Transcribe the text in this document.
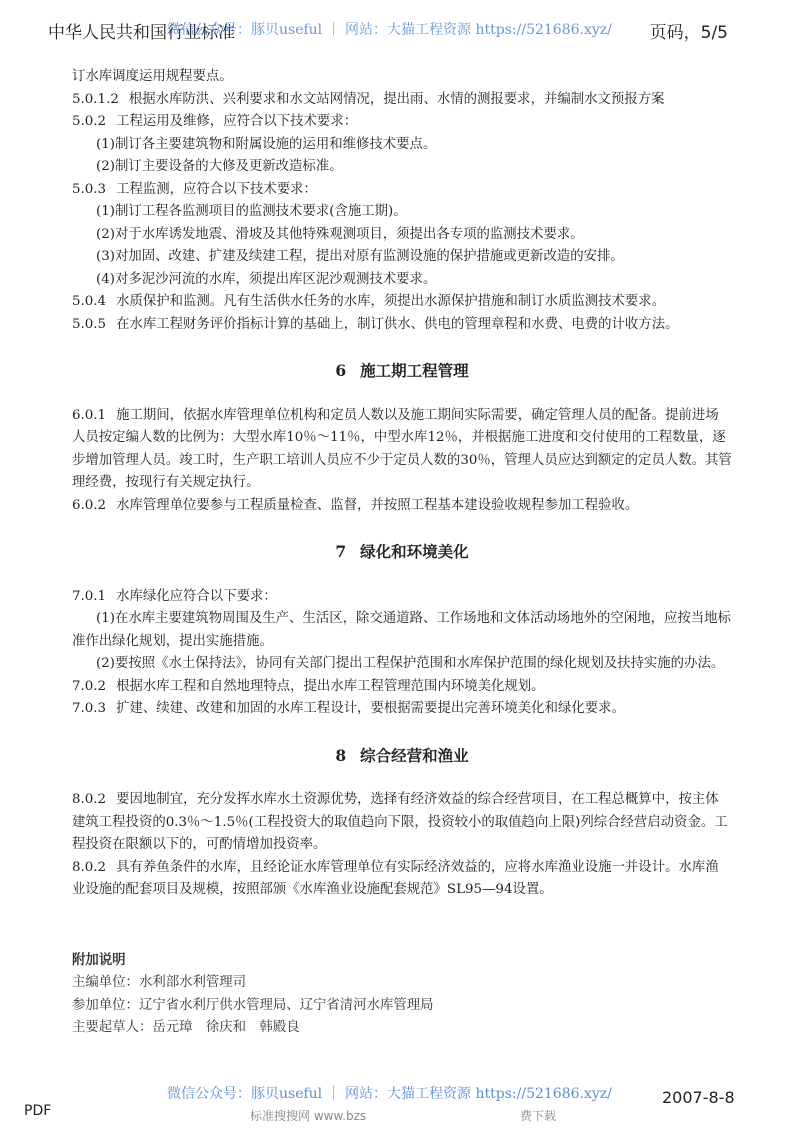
中华人民共和国行业标准
微信公众号：豚贝useful ｜ 网站：大猫工程资源 https://521686.xyz/ 页码，5/5

订水库调度运用规程要点。

5.0.1.2 根据水库防洪、兴利要求和水文站网情况，提出雨、水情的测报要求，并编制水文预报方案

5.0.2 工程运用及维修，应符合以下技术要求：

(1)制订各主要建筑物和附属设施的运用和维修技术要点。

(2)制订主要设备的大修及更新改造标准。

5.0.3 工程监测，应符合以下技术要求：

(1)制订工程各监测项目的监测技术要求(含施工期)。

(2)对于水库诱发地震、滑坡及其他特殊观测项目，须提出各专项的监测技术要求。

(3)对加固、改建、扩建及续建工程，提出对原有监测设施的保护措施或更新改造的安排。

(4)对多泥沙河流的水库，须提出库区泥沙观测技术要求。

5.0.4 水质保护和监测。凡有生活供水任务的水库，须提出水源保护措施和制订水质监测技术要求。

5.0.5 在水库工程财务评价指标计算的基础上，制订供水、供电的管理章程和水费、电费的计收方法。

6 施工期工程管理

6.0.1 施工期间，依据水库管理单位机构和定员人数以及施工期间实际需要，确定管理人员的配备。提前进场人员按定编人数的比例为：大型水库10％～11％，中型水库12％，并根据施工进度和交付使用的工程数量，逐步增加管理人员。竣工时，生产职工培训人员应不少于定员人数的30％，管理人员应达到额定的定员人数。其管理经费，按现行有关规定执行。

6.0.2 水库管理单位要参与工程质量检查、监督，并按照工程基本建设验收规程参加工程验收。

7 绿化和环境美化

7.0.1 水库绿化应符合以下要求：

(1)在水库主要建筑物周围及生产、生活区，除交通道路、工作场地和文体活动场地外的空闲地，应按当地标准作出绿化规划，提出实施措施。

(2)要按照《水土保持法》，协同有关部门提出工程保护范围和水库保护范围的绿化规划及扶持实施的办法。

7.0.2 根据水库工程和自然地理特点，提出水库工程管理范围内环境美化规划。

7.0.3 扩建、续建、改建和加固的水库工程设计，要根据需要提出完善环境美化和绿化要求。

8 综合经营和渔业

8.0.2 要因地制宜，充分发挥水库水土资源优势，选择有经济效益的综合经营项目，在工程总概算中，按主体建筑工程投资的0.3％～1.5％(工程投资大的取值趋向下限，投资较小的取值趋向上限)列综合经营启动资金。工程投资在限额以下的，可酌情增加投资率。

8.0.2 具有养鱼条件的水库，且经论证水库管理单位有实际经济效益的，应将水库渔业设施一并设计。水库渔业设施的配套项目及规模，按照部颁《水库渔业设施配套规范》SL95—94设置。

附加说明

主编单位：水利部水利管理司

参加单位：辽宁省水利厅供水管理局、辽宁省清河水库管理局

主要起草人：岳元璋　徐庆和　韩殿良

微信公众号：豚贝useful ｜ 网站：大猫工程资源 https://521686.xyz/	2007-8-8
PDF	标准搜搜网 www.bzs	费下载
